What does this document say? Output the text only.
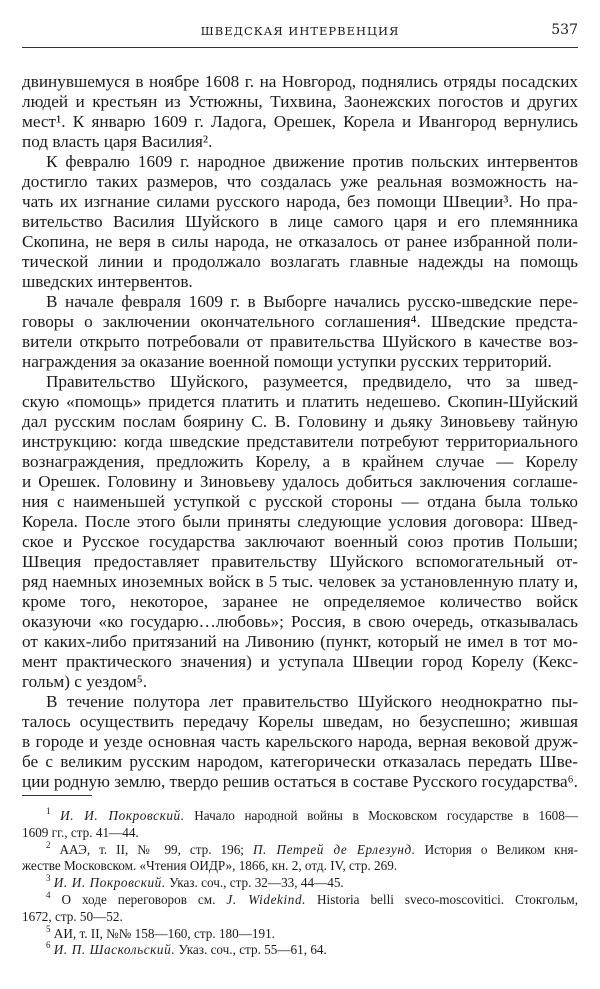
ШВЕДСКАЯ ИНТЕРВЕНЦИЯ	537
двинувшемуся в ноябре 1608 г. на Новгород, поднялись отряды посадских
людей и крестьян из Устюжны, Тихвина, Заонежских погостов и других
мест¹. К январю 1609 г. Ладога, Орешек, Корела и Ивангород вернулись
под власть царя Василия².
К февралю 1609 г. народное движение против польских интервентов
достигло таких размеров, что создалась уже реальная возможность на-
чать их изгнание силами русского народа, без помощи Швеции³. Но пра-
вительство Василия Шуйского в лице самого царя и его племянника
Скопина, не веря в силы народа, не отказалось от ранее избранной поли-
тической линии и продолжало возлагать главные надежды на помощь
шведских интервентов.
В начале февраля 1609 г. в Выборге начались русско-шведские пере-
говоры о заключении окончательного соглашения⁴. Шведские предста-
вители открыто потребовали от правительства Шуйского в качестве воз-
награждения за оказание военной помощи уступки русских территорий.
Правительство Шуйского, разумеется, предвидело, что за швед-
скую «помощь» придется платить и платить недешево. Скопин-Шуйский
дал русским послам боярину С. В. Головину и дьяку Зиновьеву тайную
инструкцию: когда шведские представители потребуют территориального
вознаграждения, предложить Корелу, а в крайнем случае — Корелу
и Орешек. Головину и Зиновьеву удалось добиться заключения соглаше-
ния с наименьшей уступкой с русской стороны — отдана была только
Корела. После этого были приняты следующие условия договора: Швед-
ское и Русское государства заключают военный союз против Польши;
Швеция предоставляет правительству Шуйского вспомогательный от-
ряд наемных иноземных войск в 5 тыс. человек за установленную плату и,
кроме того, некоторое, заранее не определяемое количество войск
оказуючи «ко государю…любовь»; Россия, в свою очередь, отказывалась
от каких-либо притязаний на Ливонию (пункт, который не имел в тот мо-
мент практического значения) и уступала Швеции город Корелу (Кекс-
гольм) с уездом⁵.
В течение полутора лет правительство Шуйского неоднократно пы-
талось осуществить передачу Корелы шведам, но безуспешно; жившая
в городе и уезде основная часть карельского народа, верная вековой друж-
бе с великим русским народом, категорически отказалась передать Шве-
ции родную землю, твердо решив остаться в составе Русского государства⁶.
$^1$ И. И. Покровский. Начало народной войны в Московском государстве в 1608—
1609 гг., стр. 41—44.
$^2$ ААЭ, т. II, № 99, стр. 196; П. Петрей де Ерлезунд. История о Великом кня-
жестве Московском. «Чтения ОИДР», 1866, кн. 2, отд. IV, стр. 269.
$^3$ И. И. Покровский. Указ. соч., стр. 32—33, 44—45.
$^4$ О ходе переговоров см. J. Widekind. Historia belli sveco-moscovitici. Стокгольм,
1672, стр. 50—52.
$^5$ АИ, т. II, №№ 158—160, стр. 180—191.
$^6$ И. П. Шаскольский. Указ. соч., стр. 55—61, 64.
